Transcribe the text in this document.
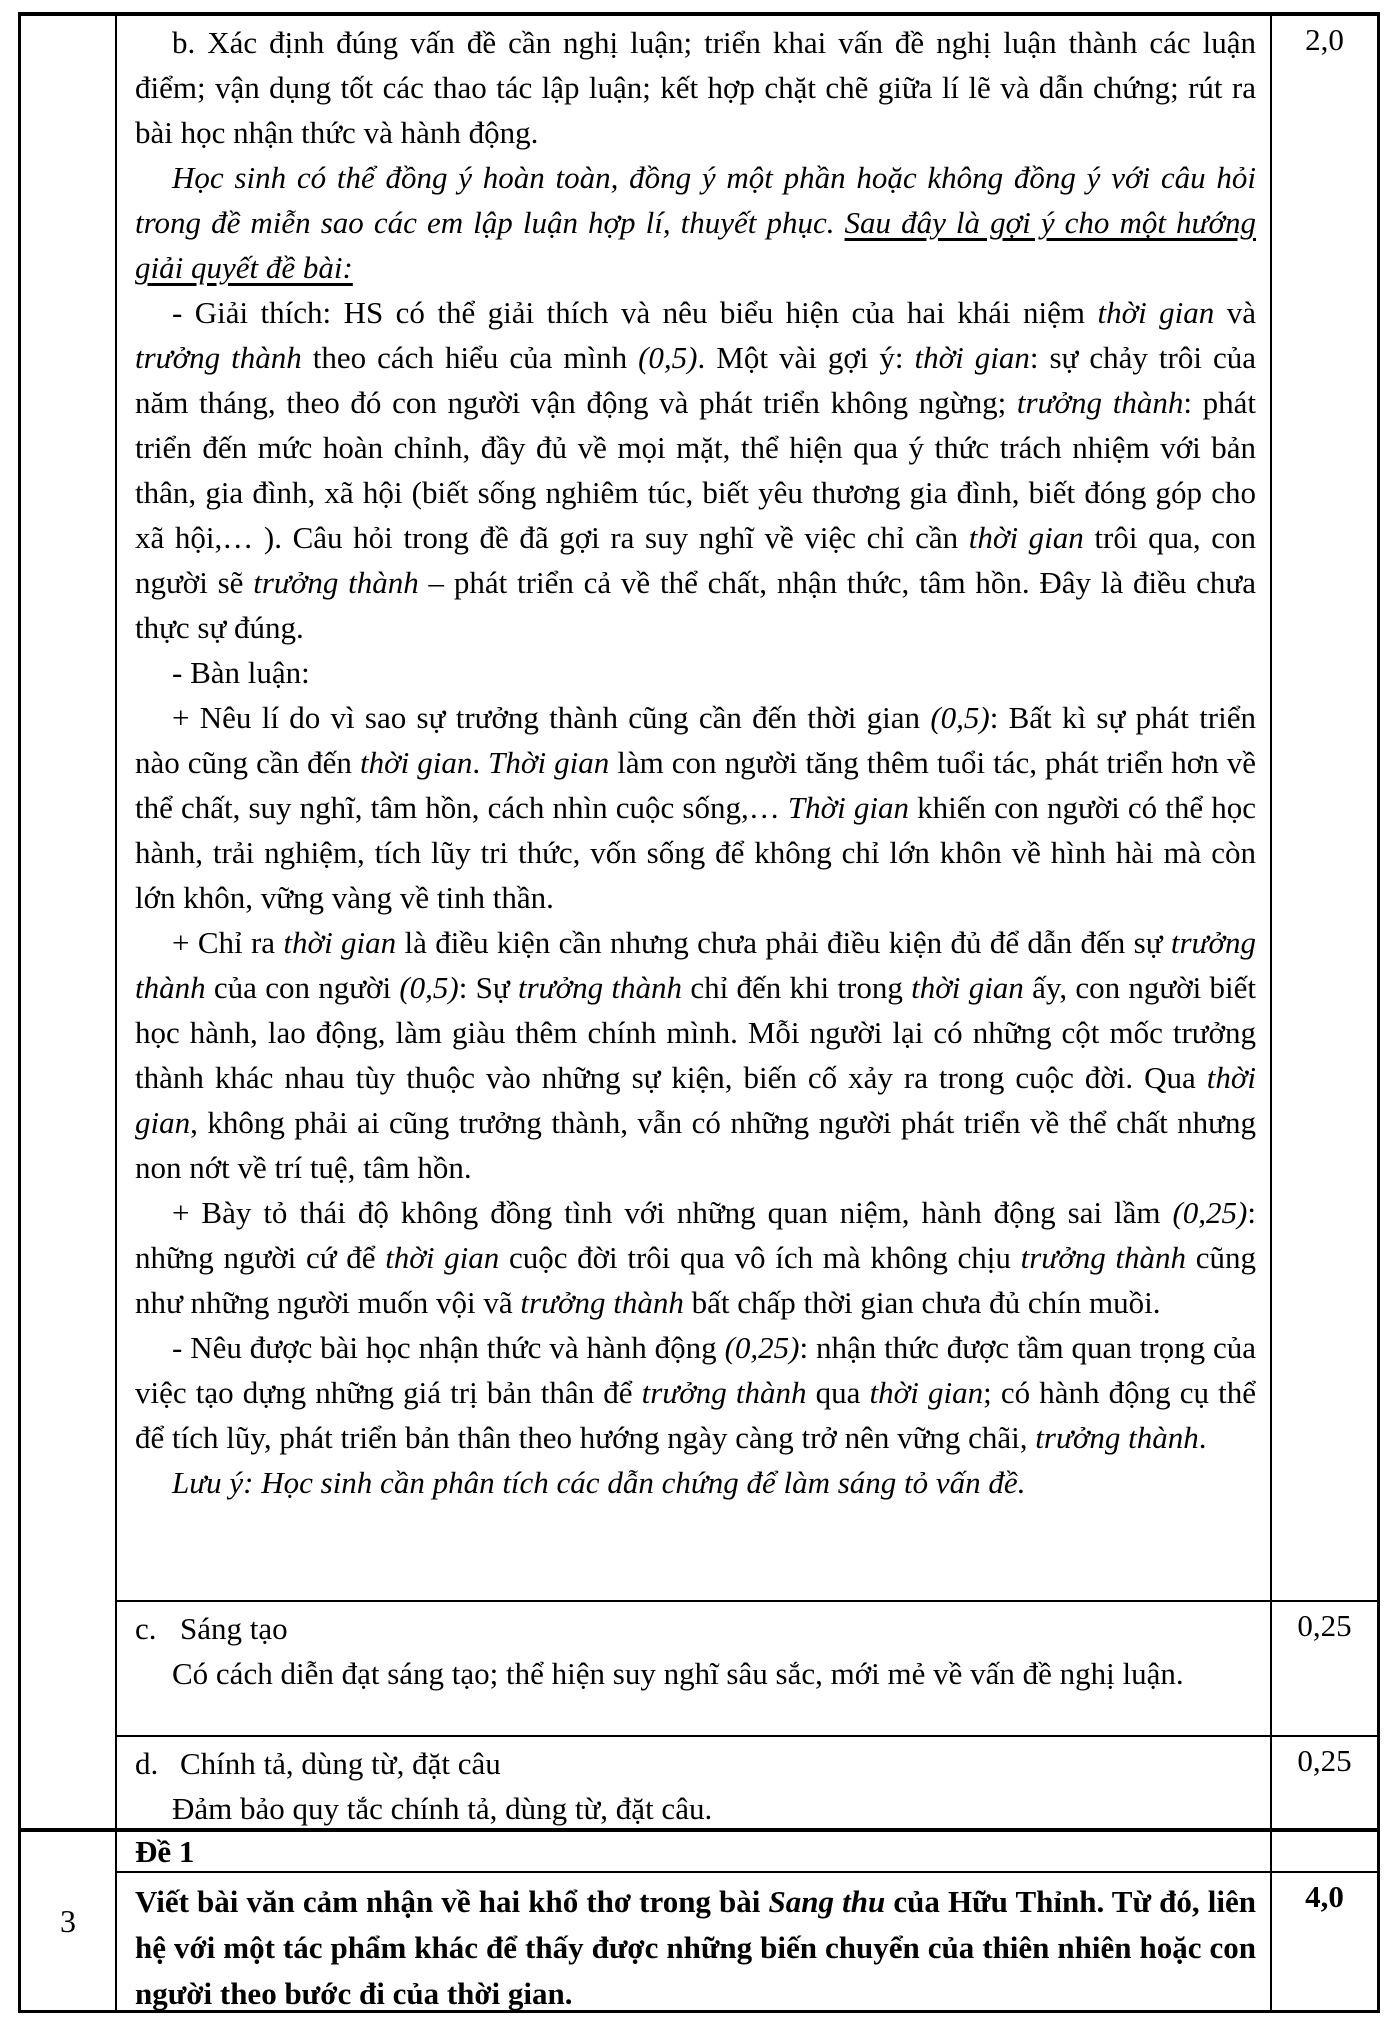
b. Xác định đúng vấn đề cần nghị luận; triển khai vấn đề nghị luận thành các luận điểm; vận dụng tốt các thao tác lập luận; kết hợp chặt chẽ giữa lí lẽ và dẫn chứng; rút ra bài học nhận thức và hành động.

Học sinh có thể đồng ý hoàn toàn, đồng ý một phần hoặc không đồng ý với câu hỏi trong đề miễn sao các em lập luận hợp lí, thuyết phục. Sau đây là gợi ý cho một hướng giải quyết đề bài:

- Giải thích: HS có thể giải thích và nêu biểu hiện của hai khái niệm thời gian và trưởng thành theo cách hiểu của mình (0,5). Một vài gợi ý: thời gian: sự chảy trôi của năm tháng, theo đó con người vận động và phát triển không ngừng; trưởng thành: phát triển đến mức hoàn chỉnh, đầy đủ về mọi mặt, thể hiện qua ý thức trách nhiệm với bản thân, gia đình, xã hội (biết sống nghiêm túc, biết yêu thương gia đình, biết đóng góp cho xã hội,… ). Câu hỏi trong đề đã gợi ra suy nghĩ về việc chỉ cần thời gian trôi qua, con người sẽ trưởng thành – phát triển cả về thể chất, nhận thức, tâm hồn. Đây là điều chưa thực sự đúng.

- Bàn luận:

+ Nêu lí do vì sao sự trưởng thành cũng cần đến thời gian (0,5): Bất kì sự phát triển nào cũng cần đến thời gian. Thời gian làm con người tăng thêm tuổi tác, phát triển hơn về thể chất, suy nghĩ, tâm hồn, cách nhìn cuộc sống,… Thời gian khiến con người có thể học hành, trải nghiệm, tích lũy tri thức, vốn sống để không chỉ lớn khôn về hình hài mà còn lớn khôn, vững vàng về tinh thần.

+ Chỉ ra thời gian là điều kiện cần nhưng chưa phải điều kiện đủ để dẫn đến sự trưởng thành của con người (0,5): Sự trưởng thành chỉ đến khi trong thời gian ấy, con người biết học hành, lao động, làm giàu thêm chính mình. Mỗi người lại có những cột mốc trưởng thành khác nhau tùy thuộc vào những sự kiện, biến cố xảy ra trong cuộc đời. Qua thời gian, không phải ai cũng trưởng thành, vẫn có những người phát triển về thể chất nhưng non nớt về trí tuệ, tâm hồn.

+ Bày tỏ thái độ không đồng tình với những quan niệm, hành động sai lầm (0,25): những người cứ để thời gian cuộc đời trôi qua vô ích mà không chịu trưởng thành cũng như những người muốn vội vã trưởng thành bất chấp thời gian chưa đủ chín muồi.

- Nêu được bài học nhận thức và hành động (0,25): nhận thức được tầm quan trọng của việc tạo dựng những giá trị bản thân để trưởng thành qua thời gian; có hành động cụ thể để tích lũy, phát triển bản thân theo hướng ngày càng trở nên vững chãi, trưởng thành.

Lưu ý: Học sinh cần phân tích các dẫn chứng để làm sáng tỏ vấn đề.

2,0

c. Sáng tạo

Có cách diễn đạt sáng tạo; thể hiện suy nghĩ sâu sắc, mới mẻ về vấn đề nghị luận.

0,25

d. Chính tả, dùng từ, đặt câu

Đảm bảo quy tắc chính tả, dùng từ, đặt câu.

0,25
3

Đề 1

Viết bài văn cảm nhận về hai khổ thơ trong bài Sang thu của Hữu Thỉnh. Từ đó, liên hệ với một tác phẩm khác để thấy được những biến chuyển của thiên nhiên hoặc con người theo bước đi của thời gian.

4,0
